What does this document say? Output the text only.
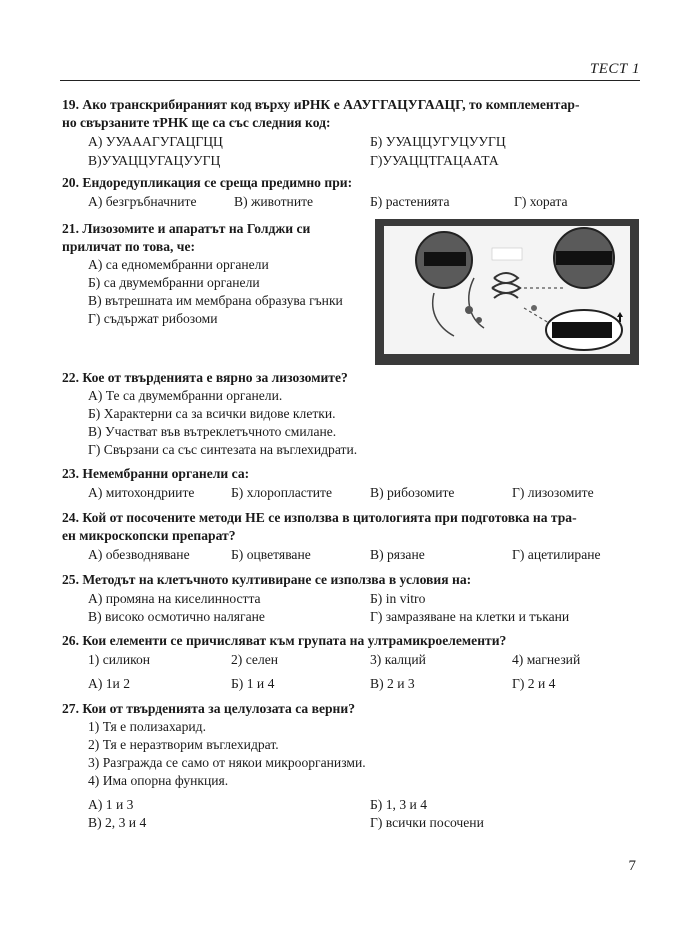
ТЕСТ 1
19. Ако транскрибираният код върху иРНК е ААУГГАЦУГААЦГ, то комплементар-
но свързаните тРНК ще са със следния код:
А) УУАААГУГАЦГЦЦ	Б) УУАЦЦУГУЦУУГЦ
В)УУАЦЦУГАЦУУГЦ	Г)УУАЦЦТГАЦААТА
20. Ендоредупликация се среща предимно при:
А) безгръбначните	В) животните	Б) растенията	Г) хората
21. Лизозомите и апаратът на Голджи си
приличат по това, че:
А) са едномембранни органели
Б) са двумембранни органели
В) вътрешната им мембрана образува гънки
Г) съдържат рибозоми
22. Кое от твърденията е вярно за лизозомите?
А) Те са двумембранни органели.
Б) Характерни са за всички видове клетки.
В) Участват във вътреклетъчното смилане.
Г) Свързани са със синтезата на въглехидрати.
23. Немембранни органели са:
А) митохондриите	Б) хлоропластите	В) рибозомите	Г) лизозомите
24. Кой от посочените методи НЕ се използва в цитологията при подготовка на тра-
ен микроскопски препарат?
А) обезводняване	Б) оцветяване	В) рязане	Г) ацетилиране
25. Методът на клетъчното култивиране се използва в условия на:
А) промяна на киселинността	Б) in vitro
В) високо осмотично налягане	Г) замразяване на клетки и тъкани
26. Кои елементи се причисляват към групата на ултрамикроелементи?
1) силикон	2) селен	3) калций	4) магнезий
А) 1и 2	Б) 1 и 4	В) 2 и 3	Г) 2 и 4
27. Кои от твърденията за целулозата са верни?
1) Тя е полизахарид.
2) Тя е неразтворим въглехидрат.
3) Разгражда се само от някои микроорганизми.
4) Има опорна функция.
А) 1 и 3	Б) 1, 3 и 4
В) 2, 3 и 4	Г) всички посочени
7
